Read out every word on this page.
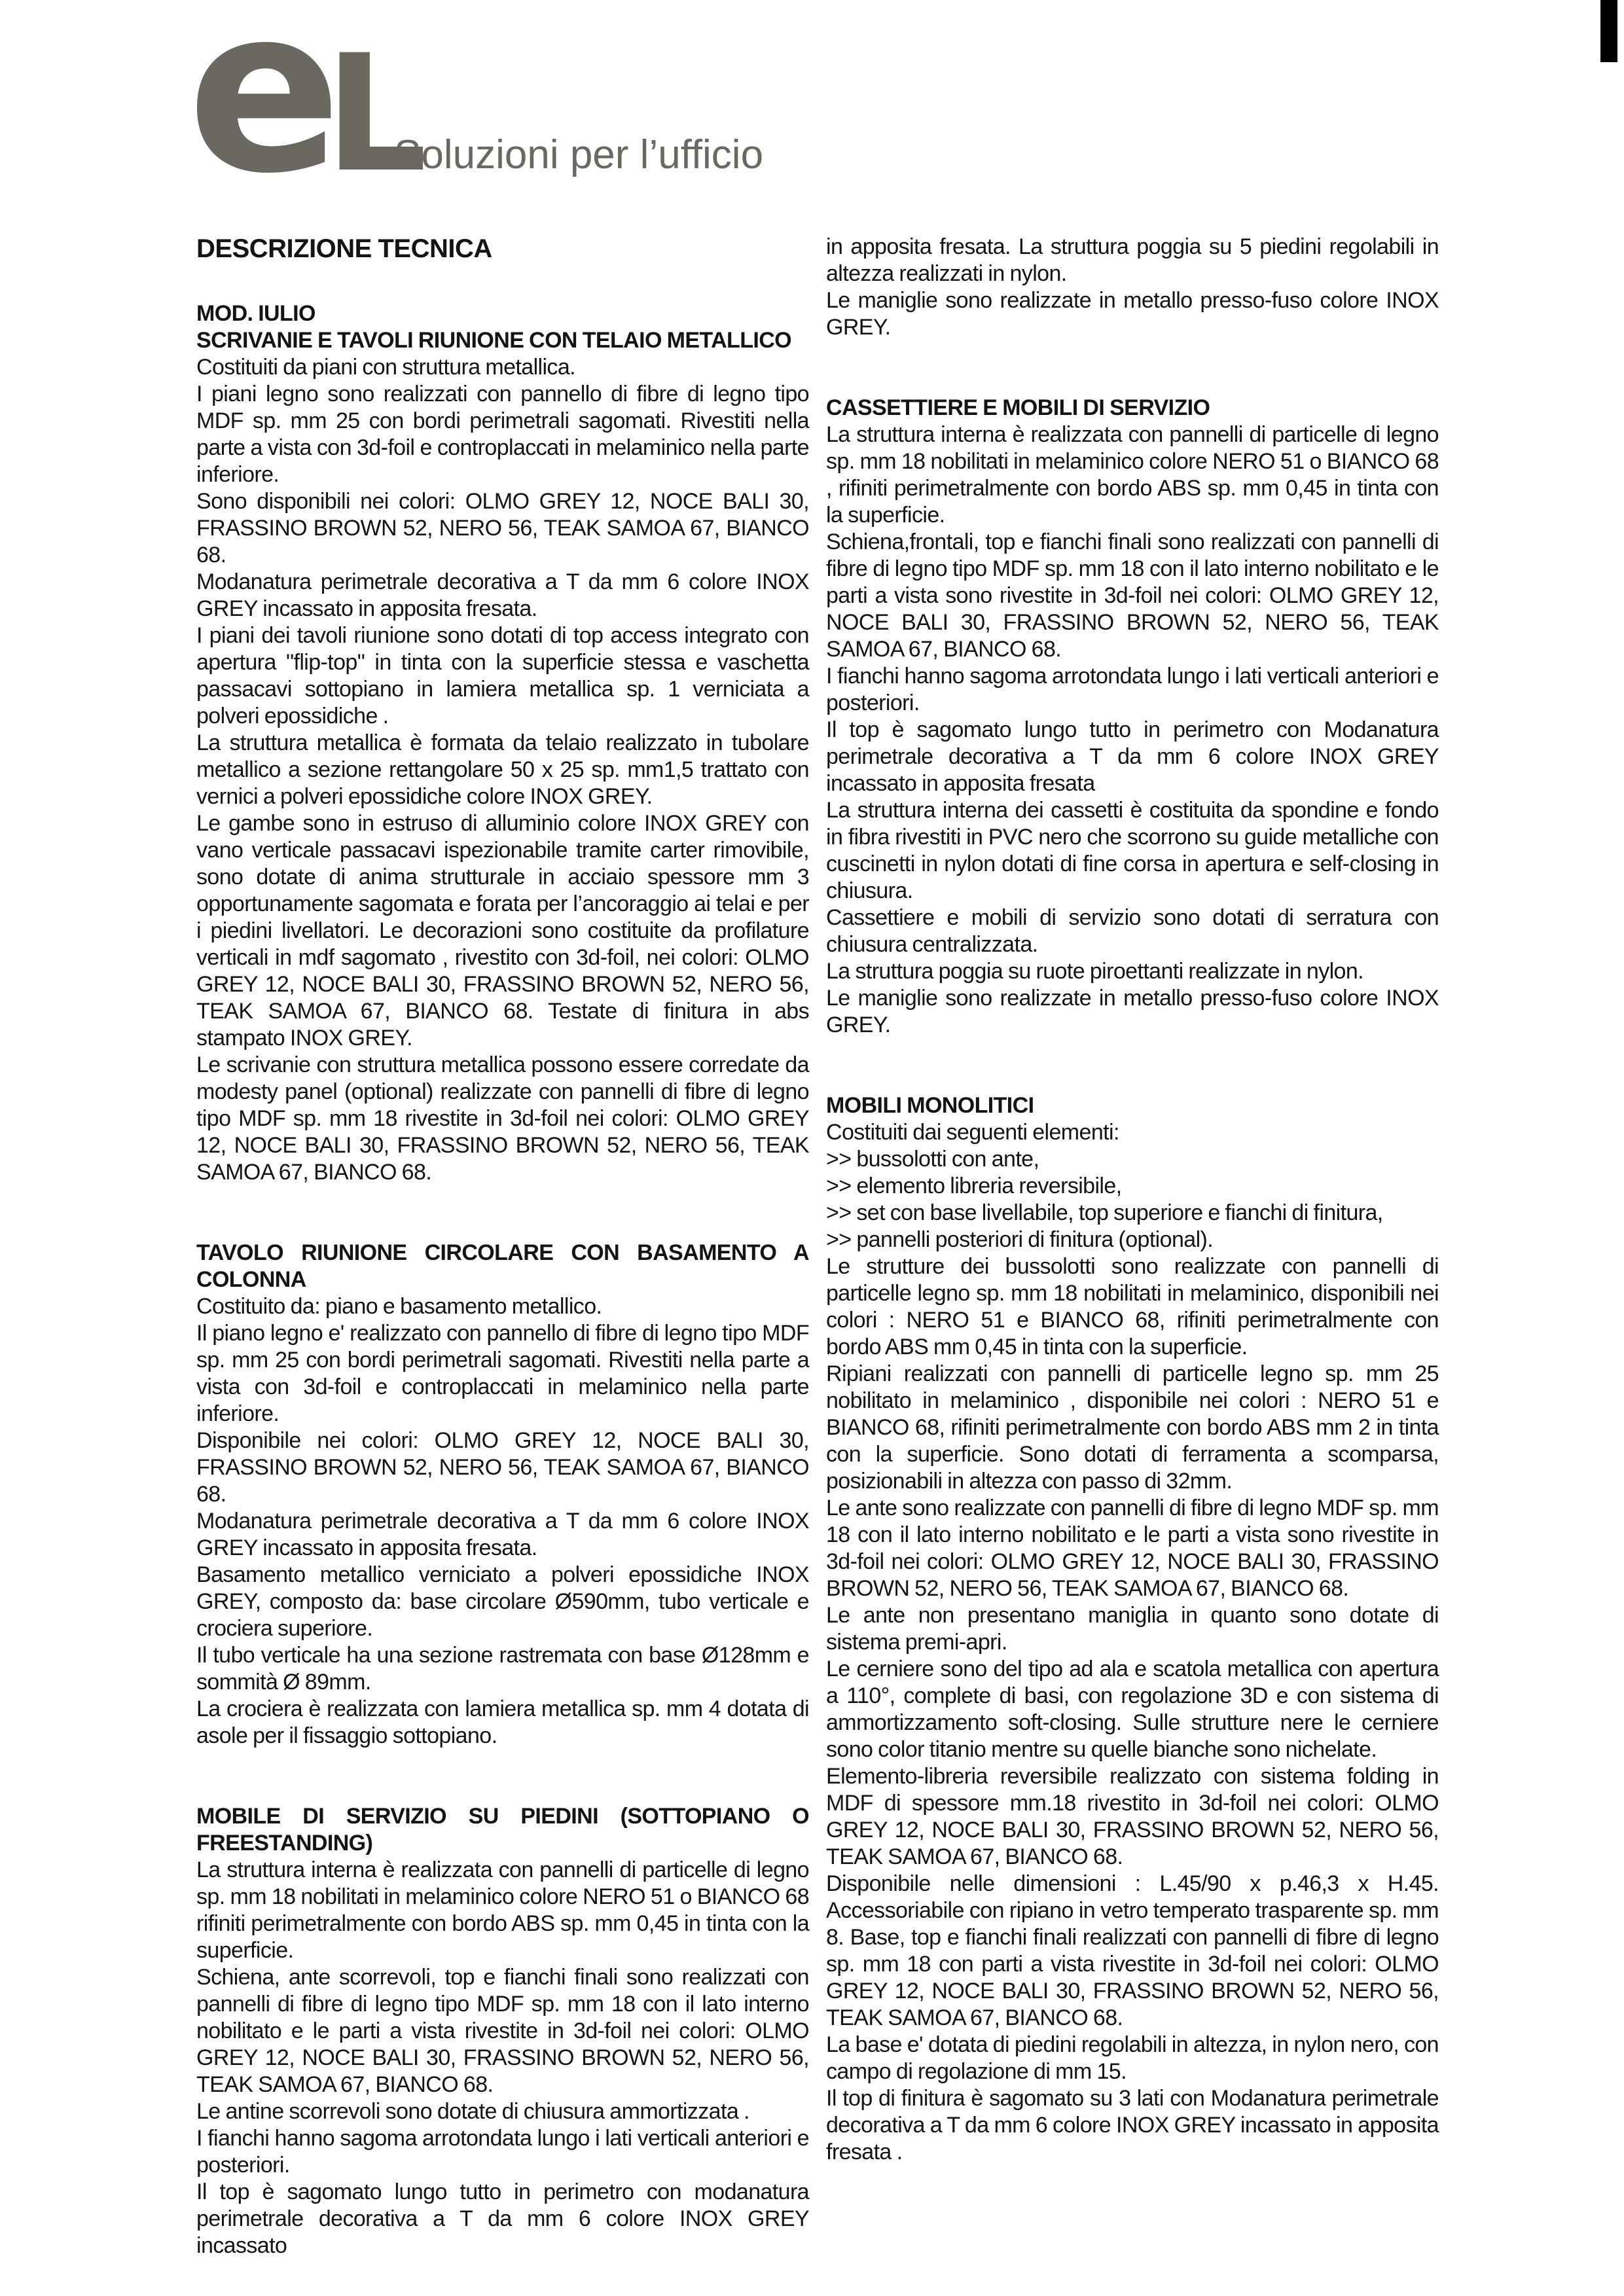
e
L
Soluzioni per l’ufficio
DESCRIZIONE TECNICA
MOD. IULIO
SCRIVANIE E TAVOLI RIUNIONE CON TELAIO METALLICO

Costituiti da piani con struttura metallica.

I piani legno sono realizzati con pannello di fibre di legno tipo MDF sp. mm 25 con bordi perimetrali sagomati. Rivestiti nella parte a vista con 3d-foil e controplaccati in melaminico nella parte inferiore.

Sono disponibili nei colori: OLMO GREY 12, NOCE BALI 30, FRASSINO BROWN 52, NERO 56, TEAK SAMOA 67, BIANCO 68.

Modanatura perimetrale decorativa a T da mm 6 colore INOX GREY incassato in apposita fresata.

I piani dei tavoli riunione sono dotati di top access integrato con apertura "flip-top" in tinta con la superficie stessa e vaschetta passacavi sottopiano in lamiera metallica sp. 1 verniciata a polveri epossidiche .

La struttura metallica è formata da telaio realizzato in tubolare metallico a sezione rettangolare 50 x 25 sp. mm1,5 trattato con vernici a polveri epossidiche colore INOX GREY.

Le gambe sono in estruso di alluminio colore INOX GREY con vano verticale passacavi ispezionabile tramite carter rimovibile, sono dotate di anima strutturale in acciaio spessore mm 3 opportunamente sagomata e forata per l’ancoraggio ai telai e per i piedini livellatori. Le decorazioni sono costituite da profilature verticali in mdf sagomato , rivestito con 3d-foil, nei colori: OLMO GREY 12, NOCE BALI 30, FRASSINO BROWN 52, NERO 56, TEAK SAMOA 67, BIANCO 68. Testate di finitura in abs stampato INOX GREY.

Le scrivanie con struttura metallica possono essere corredate da modesty panel (optional) realizzate con pannelli di fibre di legno tipo MDF sp. mm 18 rivestite in 3d-foil nei colori: OLMO GREY 12, NOCE BALI 30, FRASSINO BROWN 52, NERO 56, TEAK SAMOA 67, BIANCO 68.

TAVOLO RIUNIONE CIRCOLARE CON BASAMENTO A COLONNA

Costituito da: piano e basamento metallico.

Il piano legno e' realizzato con pannello di fibre di legno tipo MDF sp. mm 25 con bordi perimetrali sagomati. Rivestiti nella parte a vista con 3d-foil e controplaccati in melaminico nella parte inferiore.

Disponibile nei colori: OLMO GREY 12, NOCE BALI 30, FRASSINO BROWN 52, NERO 56, TEAK SAMOA 67, BIANCO 68.

Modanatura perimetrale decorativa a T da mm 6 colore INOX GREY incassato in apposita fresata.

Basamento metallico verniciato a polveri epossidiche INOX GREY, composto da: base circolare Ø590mm, tubo verticale e crociera superiore.

Il tubo verticale ha una sezione rastremata con base Ø128mm e sommità Ø 89mm.

La crociera è realizzata con lamiera metallica sp. mm 4 dotata di asole per il fissaggio sottopiano.

MOBILE DI SERVIZIO SU PIEDINI (SOTTOPIANO O FREESTANDING)

La struttura interna è realizzata con pannelli di particelle di legno sp. mm 18 nobilitati in melaminico colore NERO 51 o BIANCO 68 rifiniti perimetralmente con bordo ABS sp. mm 0,45 in tinta con la superficie.

Schiena, ante scorrevoli, top e fianchi finali sono realizzati con pannelli di fibre di legno tipo MDF sp. mm 18 con il lato interno nobilitato e le parti a vista rivestite in 3d-foil nei colori: OLMO GREY 12, NOCE BALI 30, FRASSINO BROWN 52, NERO 56, TEAK SAMOA 67, BIANCO 68.

Le antine scorrevoli sono dotate di chiusura ammortizzata .

I fianchi hanno sagoma arrotondata lungo i lati verticali anteriori e posteriori.

Il top è sagomato lungo tutto in perimetro con modanatura perimetrale decorativa a T da mm 6 colore INOX GREY incassato

in apposita fresata. La struttura poggia su 5 piedini regolabili in altezza realizzati in nylon.

Le maniglie sono realizzate in metallo presso-fuso colore INOX GREY.

CASSETTIERE E MOBILI DI SERVIZIO

La struttura interna è realizzata con pannelli di particelle di legno sp. mm 18 nobilitati in melaminico colore NERO 51 o BIANCO 68 , rifiniti perimetralmente con bordo ABS sp. mm 0,45 in tinta con la superficie.

Schiena,frontali, top e fianchi finali sono realizzati con pannelli di fibre di legno tipo MDF sp. mm 18 con il lato interno nobilitato e le parti a vista sono rivestite in 3d-foil nei colori: OLMO GREY 12, NOCE BALI 30, FRASSINO BROWN 52, NERO 56, TEAK SAMOA 67, BIANCO 68.

I fianchi hanno sagoma arrotondata lungo i lati verticali anteriori e posteriori.

Il top è sagomato lungo tutto in perimetro con Modanatura perimetrale decorativa a T da mm 6 colore INOX GREY incassato in apposita fresata

La struttura interna dei cassetti è costituita da spondine e fondo in fibra rivestiti in PVC nero che scorrono su guide metalliche con cuscinetti in nylon dotati di fine corsa in apertura e self-closing in chiusura.

Cassettiere e mobili di servizio sono dotati di serratura con chiusura centralizzata.

La struttura poggia su ruote piroettanti realizzate in nylon.

Le maniglie sono realizzate in metallo presso-fuso colore INOX GREY.

MOBILI MONOLITICI

Costituiti dai seguenti elementi:

>> bussolotti con ante,

>> elemento libreria reversibile,

>> set con base livellabile, top superiore e fianchi di finitura,

>> pannelli posteriori di finitura (optional).

Le strutture dei bussolotti sono realizzate con pannelli di particelle legno sp. mm 18 nobilitati in melaminico, disponibili nei colori : NERO 51 e BIANCO 68, rifiniti perimetralmente con bordo ABS mm 0,45 in tinta con la superficie.

Ripiani realizzati con pannelli di particelle legno sp. mm 25 nobilitato in melaminico , disponibile nei colori : NERO 51 e BIANCO 68, rifiniti perimetralmente con bordo ABS mm 2 in tinta con la superficie. Sono dotati di ferramenta a scomparsa, posizionabili in altezza con passo di 32mm.

Le ante sono realizzate con pannelli di fibre di legno MDF sp. mm 18 con il lato interno nobilitato e le parti a vista sono rivestite in 3d-foil nei colori: OLMO GREY 12, NOCE BALI 30, FRASSINO BROWN 52, NERO 56, TEAK SAMOA 67, BIANCO 68.

Le ante non presentano maniglia in quanto sono dotate di sistema premi-apri.

Le cerniere sono del tipo ad ala e scatola metallica con apertura a 110°, complete di basi, con regolazione 3D e con sistema di ammortizzamento soft-closing. Sulle strutture nere le cerniere sono color titanio mentre su quelle bianche sono nichelate.

Elemento-libreria reversibile realizzato con sistema folding in MDF di spessore mm.18 rivestito in 3d-foil nei colori: OLMO GREY 12, NOCE BALI 30, FRASSINO BROWN 52, NERO 56, TEAK SAMOA 67, BIANCO 68.

Disponibile nelle dimensioni : L.45/90 x p.46,3 x H.45. Accessoriabile con ripiano in vetro temperato trasparente sp. mm 8. Base, top e fianchi finali realizzati con pannelli di fibre di legno sp. mm 18 con parti a vista rivestite in 3d-foil nei colori: OLMO GREY 12, NOCE BALI 30, FRASSINO BROWN 52, NERO 56, TEAK SAMOA 67, BIANCO 68.

La base e' dotata di piedini regolabili in altezza, in nylon nero, con campo di regolazione di mm 15.

Il top di finitura è sagomato su 3 lati con Modanatura perimetrale decorativa a T da mm 6 colore INOX GREY incassato in apposita fresata .
